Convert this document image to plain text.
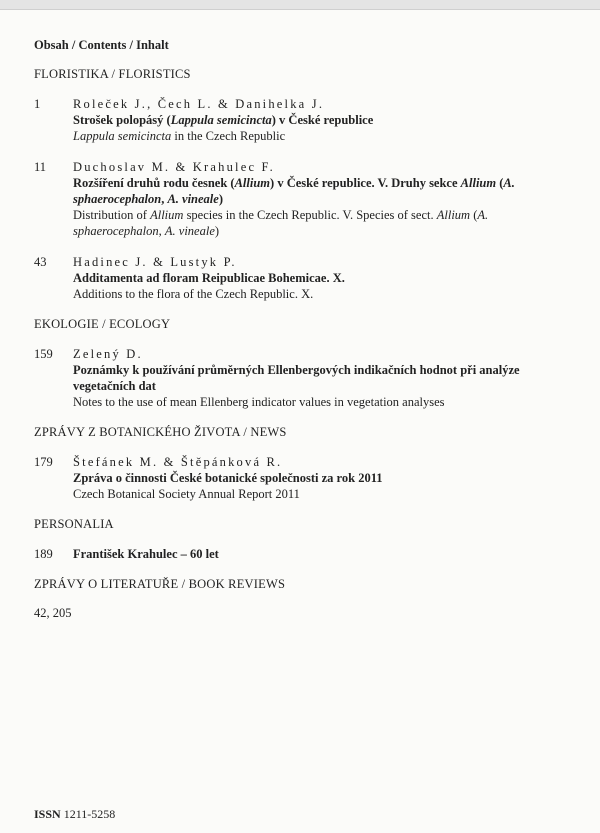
Obsah / Contents / Inhalt
FLORISTIKA / FLORISTICS
1	Roleček J., Čech L. & Danihelka J.
Strošek polopásý (Lappula semicincta) v České republice
Lappula semicincta in the Czech Republic
11	Duchoslav M. & Krahulec F.
Rozšíření druhů rodu česnek (Allium) v České republice. V. Druhy sekce Allium (A. sphaerocephalon, A. vineale)
Distribution of Allium species in the Czech Republic. V. Species of sect. Allium (A. sphaerocephalon, A. vineale)
43	Hadinec J. & Lustyk P.
Additamenta ad floram Reipublicae Bohemicae. X.
Additions to the flora of the Czech Republic. X.
EKOLOGIE / ECOLOGY
159	Zelený D.
Poznámky k používání průměrných Ellenbergových indikačních hodnot při analýze vegetačních dat
Notes to the use of mean Ellenberg indicator values in vegetation analyses
ZPRÁVY Z BOTANICKÉHO ŽIVOTA / NEWS
179	Štefánek M. & Štěpánková R.
Zpráva o činnosti České botanické společnosti za rok 2011
Czech Botanical Society Annual Report 2011
PERSONALIA
189	František Krahulec – 60 let
ZPRÁVY O LITERATUŘE / BOOK REVIEWS
42, 205
ISSN 1211-5258
